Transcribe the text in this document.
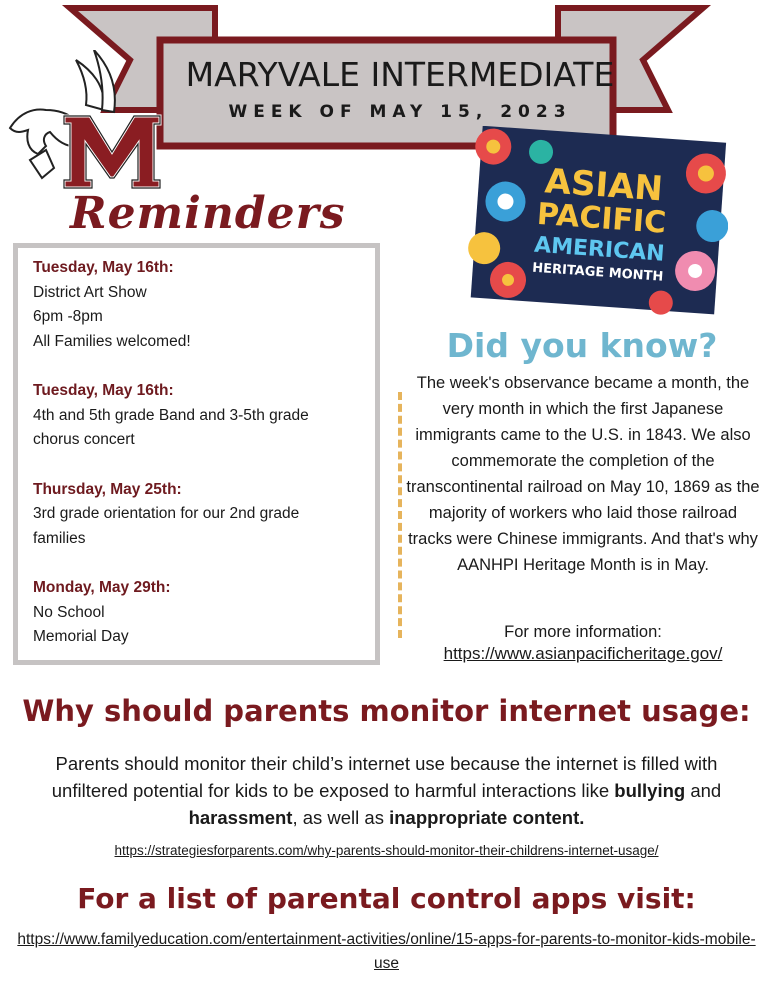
MARYVALE INTERMEDIATE
WEEK OF MAY 15, 2023
Reminders
Tuesday, May 16th:
District Art Show
6pm -8pm
All Families welcomed!
Tuesday, May 16th:
4th and 5th grade Band and 3-5th grade
chorus concert
Thursday, May 25th:
3rd grade orientation for our 2nd grade
families
Monday, May 29th:
No School
Memorial Day
ASIAN
PACIFIC
AMERICAN
HERITAGE MONTH
Did you know?
The week's observance became a month, the very month in which the first Japanese immigrants came to the U.S. in 1843. We also commemorate the completion of the transcontinental railroad on May 10, 1869 as the majority of workers who laid those railroad tracks were Chinese immigrants. And that's why AANHPI Heritage Month is in May.
For more information:
https://www.asianpacificheritage.gov/
Why should parents monitor internet usage:
Parents should monitor their child’s internet use because the internet is filled with unfiltered potential for kids to be exposed to harmful interactions like bullying and harassment, as well as inappropriate content.
https://strategiesforparents.com/why-parents-should-monitor-their-childrens-internet-usage/
For a list of parental control apps visit:
https://www.familyeducation.com/entertainment-activities/online/15-apps-for-parents-to-monitor-kids-mobile-use
